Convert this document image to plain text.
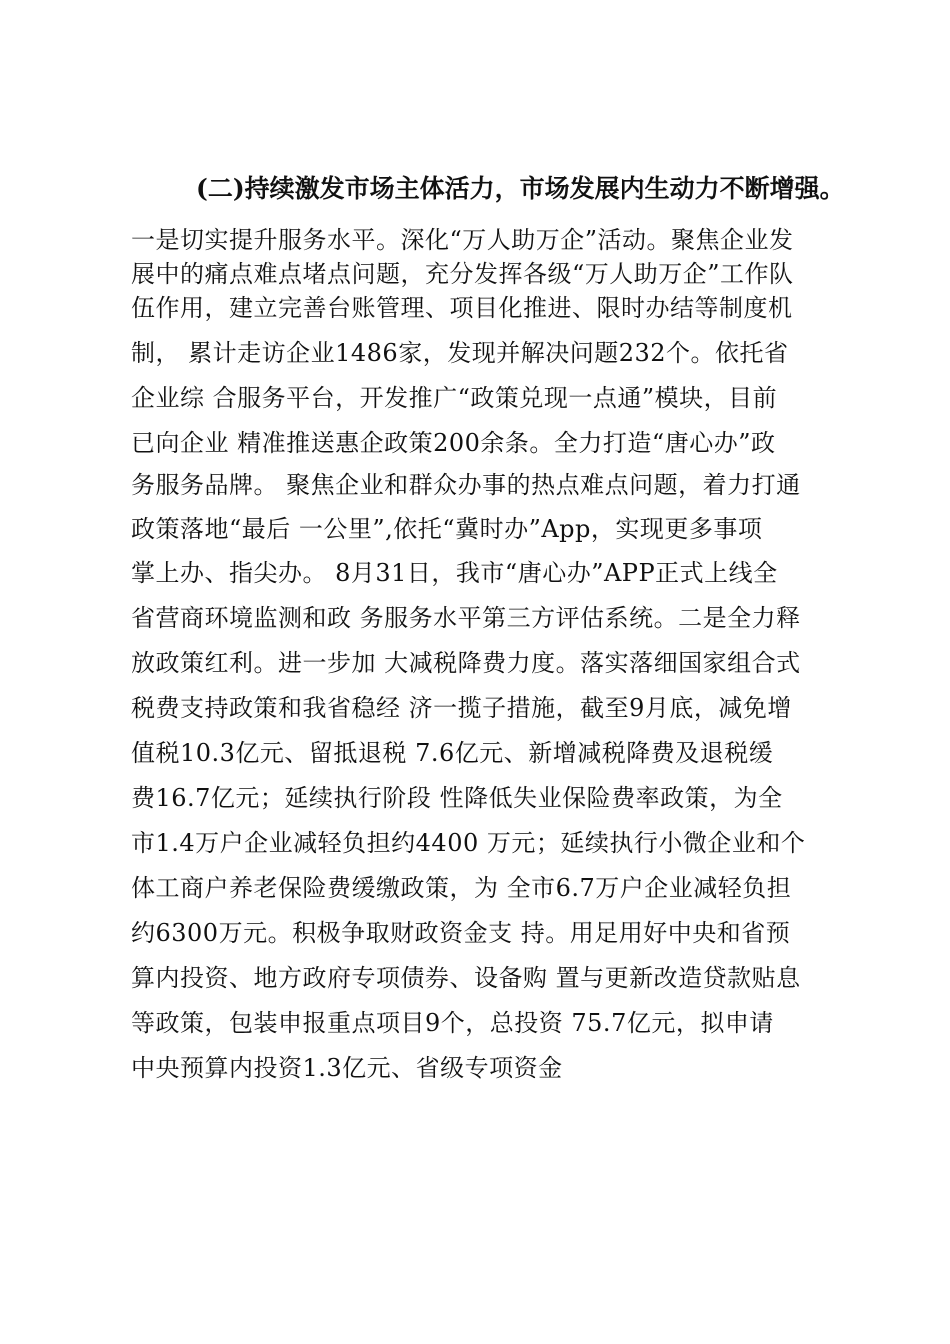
(二)持续激发市场主体活力，市场发展内生动力不断增强。
一是切实提升服务水平。深化“万人助万企”活动。聚焦企业发
展中的痛点难点堵点问题，充分发挥各级“万人助万企”工作队
伍作用，建立完善台账管理、项目化推进、限时办结等制度机
制， 累计走访企业1486家，发现并解决问题232个。依托省
企业综 合服务平台，开发推广“政策兑现一点通”模块，目前
已向企业 精准推送惠企政策200余条。全力打造“唐心办”政
务服务品牌。 聚焦企业和群众办事的热点难点问题，着力打通
政策落地“最后 一公里”,依托“冀时办”App，实现更多事项
掌上办、指尖办。 8月31日，我市“唐心办”APP正式上线全
省营商环境监测和政 务服务水平第三方评估系统。二是全力释
放政策红利。进一步加 大减税降费力度。落实落细国家组合式
税费支持政策和我省稳经 济一揽子措施，截至9月底，减免增
值税10.3亿元、留抵退税 7.6亿元、新增减税降费及退税缓
费16.7亿元；延续执行阶段 性降低失业保险费率政策，为全
市1.4万户企业减轻负担约4400 万元；延续执行小微企业和个
体工商户养老保险费缓缴政策，为 全市6.7万户企业减轻负担
约6300万元。积极争取财政资金支 持。用足用好中央和省预
算内投资、地方政府专项债券、设备购 置与更新改造贷款贴息
等政策，包装申报重点项目9个，总投资 75.7亿元，拟申请
中央预算内投资1.3亿元、省级专项资金
